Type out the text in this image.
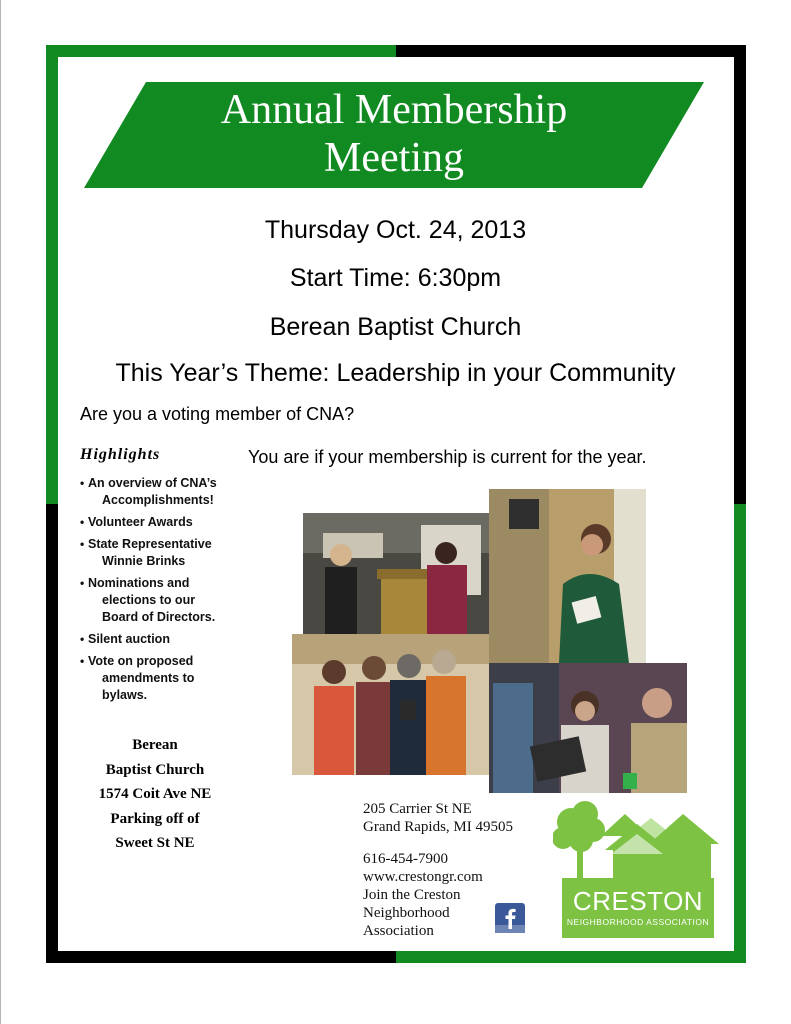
Annual Membership
Meeting
Thursday Oct. 24, 2013
Start Time: 6:30pm
Berean Baptist Church
This Year’s Theme: Leadership in your Community
Are you a voting member of CNA?
You are if your membership is current for the year.
Highlights
• An overview of CNA’s
Accomplishments!
• Volunteer Awards
• State Representative
Winnie Brinks
• Nominations and
elections to our
Board of Directors.
• Silent auction
• Vote on proposed
amendments to
bylaws.
Berean
Baptist Church
1574 Coit Ave NE
Parking off of
Sweet St NE
205 Carrier St NE
Grand Rapids, MI 49505
616-454-7900
www.crestongr.com
Join the Creston
Neighborhood
Association
CRESTON
NEIGHBORHOOD ASSOCIATION
